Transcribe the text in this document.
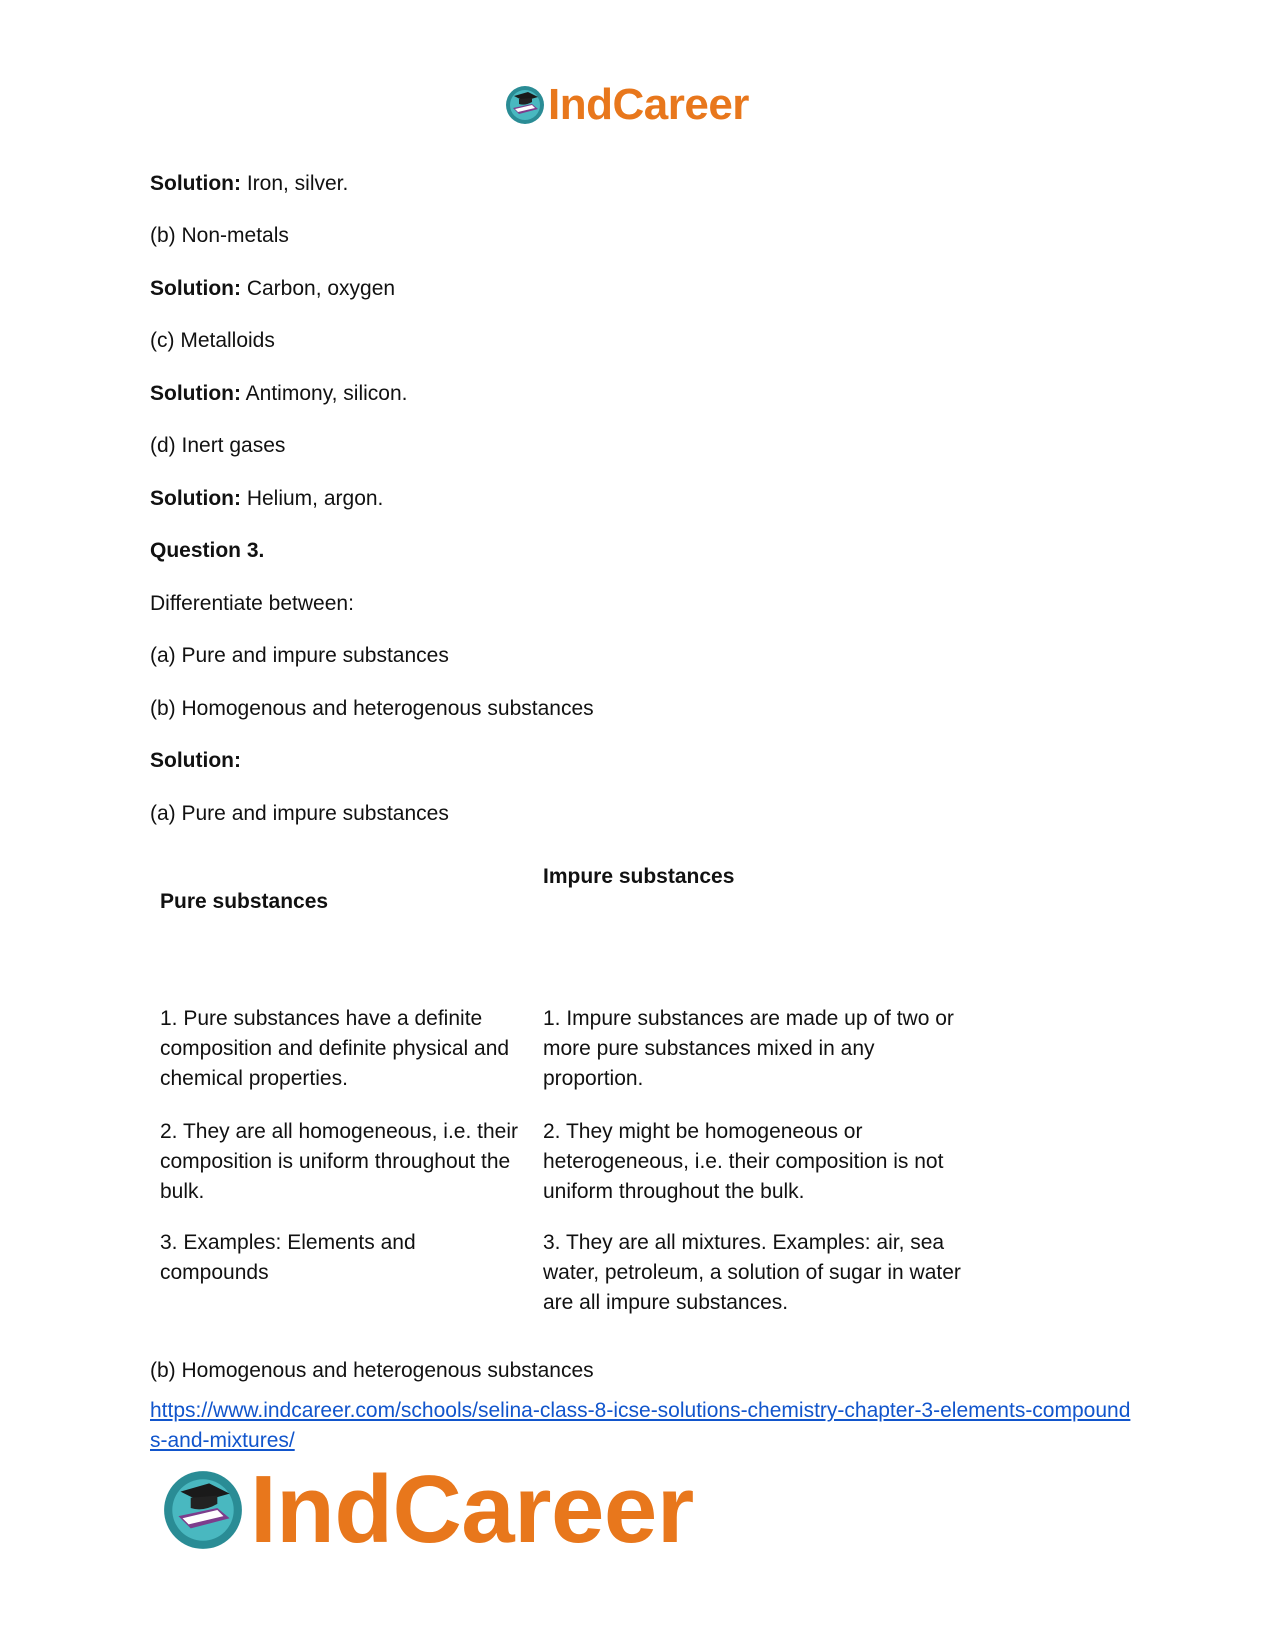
IndCareer
Solution: Iron, silver.
(b) Non-metals
Solution: Carbon, oxygen
(c) Metalloids
Solution: Antimony, silicon.
(d) Inert gases
Solution: Helium, argon.
Question 3.
Differentiate between:
(a) Pure and impure substances
(b) Homogenous and heterogenous substances
Solution:
(a) Pure and impure substances
Pure substances
Impure substances
1. Pure substances have a definite composition and definite physical and chemical properties.
1. Impure substances are made up of two or more pure substances mixed in any proportion.
2. They are all homogeneous, i.e. their composition is uniform throughout the bulk.
2. They might be homogeneous or heterogeneous, i.e. their composition is not uniform throughout the bulk.
3. Examples: Elements and compounds
3. They are all mixtures. Examples: air, sea water, petroleum, a solution of sugar in water are all impure substances.
(b) Homogenous and heterogenous substances
https://www.indcareer.com/schools/selina-class-8-icse-solutions-chemistry-chapter-3-elements-compounds-and-mixtures/
IndCareer
